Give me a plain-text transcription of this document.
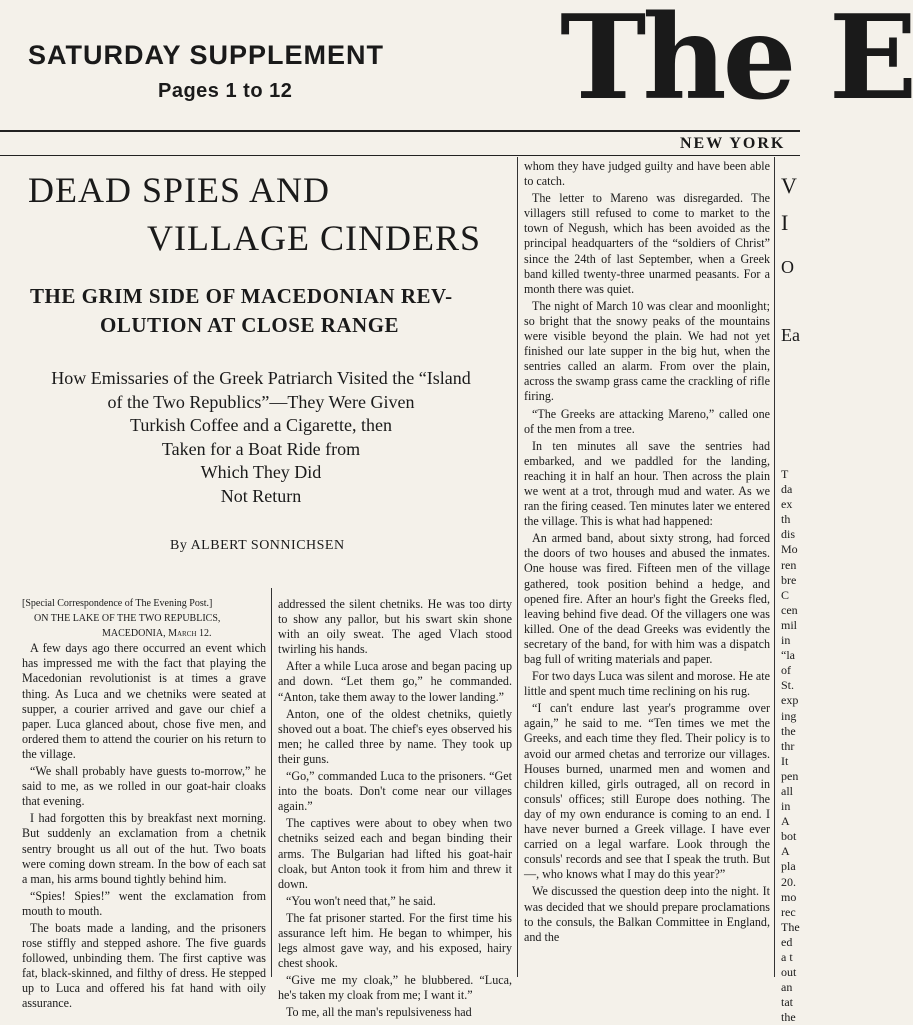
SATURDAY SUPPLEMENT
Pages 1 to 12 The E
NEW YORK
DEAD SPIES AND
VILLAGE CINDERS
THE GRIM SIDE OF MACEDONIAN REV-
OLUTION AT CLOSE RANGE
How Emissaries of the Greek Patriarch Visited the “Island
of the Two Republics”—They Were Given
Turkish Coffee and a Cigarette, then
Taken for a Boat Ride from
Which They Did
Not Return
By ALBERT SONNICHSEN

[Special Correspondence of The Evening Post.]

ON THE LAKE OF THE TWO REPUBLICS,

MACEDONIA, March 12.

A few days ago there occurred an event which has impressed me with the fact that playing the Macedonian revolutionist is at times a grave thing. As Luca and we chetniks were seated at supper, a courier arrived and gave our chief a paper. Luca glanced about, chose five men, and ordered them to attend the courier on his return to the village.

“We shall probably have guests to-morrow,” he said to me, as we rolled in our goat-hair cloaks that evening.

I had forgotten this by breakfast next morning. But suddenly an exclamation from a chetnik sentry brought us all out of the hut. Two boats were coming down stream. In the bow of each sat a man, his arms bound tightly behind him.

“Spies! Spies!” went the exclamation from mouth to mouth.

The boats made a landing, and the prisoners rose stiffly and stepped ashore. The five guards followed, unbinding them. The first captive was fat, black-skinned, and filthy of dress. He stepped up to Luca and offered his fat hand with oily assurance.

addressed the silent chetniks. He was too dirty to show any pallor, but his swart skin shone with an oily sweat. The aged Vlach stood twirling his hands.

After a while Luca arose and began pacing up and down. “Let them go,” he commanded. “Anton, take them away to the lower landing.”

Anton, one of the oldest chetniks, quietly shoved out a boat. The chief's eyes observed his men; he called three by name. They took up their guns.

“Go,” commanded Luca to the prisoners. “Get into the boats. Don't come near our villages again.”

The captives were about to obey when two chetniks seized each and began binding their arms. The Bulgarian had lifted his goat-hair cloak, but Anton took it from him and threw it down.

“You won't need that,” he said.

The fat prisoner started. For the first time his assurance left him. He began to whimper, his legs almost gave way, and his exposed, hairy chest shook.

“Give me my cloak,” he blubbered. “Luca, he's taken my cloak from me; I want it.”

To me, all the man's repulsiveness had

whom they have judged guilty and have been able to catch.

The letter to Mareno was disregarded. The villagers still refused to come to market to the town of Negush, which has been avoided as the principal headquarters of the “soldiers of Christ” since the 24th of last September, when a Greek band killed twenty-three unarmed peasants. For a month there was quiet.

The night of March 10 was clear and moonlight; so bright that the snowy peaks of the mountains were visible beyond the plain. We had not yet finished our late supper in the big hut, when the sentries called an alarm. From over the plain, across the swamp grass came the crackling of rifle firing.

“The Greeks are attacking Mareno,” called one of the men from a tree.

In ten minutes all save the sentries had embarked, and we paddled for the landing, reaching it in half an hour. Then across the plain we went at a trot, through mud and water. As we ran the firing ceased. Ten minutes later we entered the village. This is what had happened:

An armed band, about sixty strong, had forced the doors of two houses and abused the inmates. One house was fired. Fifteen men of the village gathered, took position behind a hedge, and opened fire. After an hour's fight the Greeks fled, leaving behind five dead. Of the villagers one was killed. One of the dead Greeks was evidently the secretary of the band, for with him was a dispatch bag full of writing materials and paper.

For two days Luca was silent and morose. He ate little and spent much time reclining on his rug.

“I can't endure last year's programme over again,” he said to me. “Ten times we met the Greeks, and each time they fled. Their policy is to avoid our armed chetas and terrorize our villages. Houses burned, unarmed men and women and children killed, girls outraged, all on record in consuls' offices; still Europe does nothing. The day of my own endurance is coming to an end. I have never burned a Greek village. I have ever carried on a legal warfare. Look through the consuls' records and see that I speak the truth. But —, who knows what I may do this year?”

We discussed the question deep into the night. It was decided that we should prepare proclamations to the consuls, the Balkan Committee in England, and the

V
I
O
Ea
T
da
ex
th
dis
Mo
ren
bre
C
cen
mil
in
“la
of
St.
exp
ing
the
thr
It
pen
all
in
A
bot
A
pla
20.
mo
rec
The
ed
a t
out
an
tat
the
